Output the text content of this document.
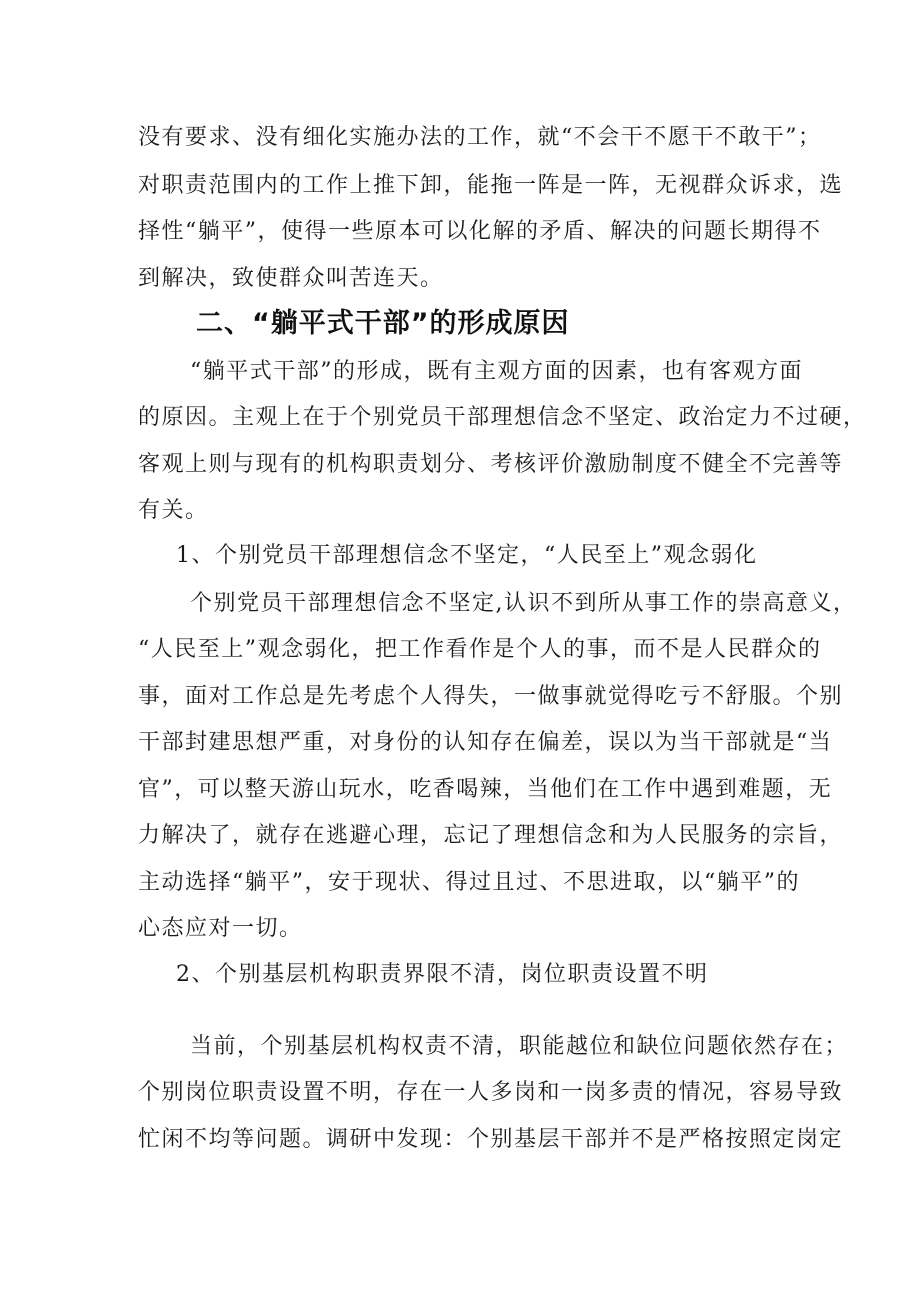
没有要求、没有细化实施办法的工作，就“不会干不愿干不敢干”；
对职责范围内的工作上推下卸，能拖一阵是一阵，无视群众诉求，选
择性“躺平”，使得一些原本可以化解的矛盾、解决的问题长期得不
到解决，致使群众叫苦连天。
二、“躺平式干部”的形成原因
“躺平式干部”的形成，既有主观方面的因素，也有客观方面
的原因。主观上在于个别党员干部理想信念不坚定、政治定力不过硬，
客观上则与现有的机构职责划分、考核评价激励制度不健全不完善等
有关。
1、个别党员干部理想信念不坚定，“人民至上”观念弱化
个别党员干部理想信念不坚定,认识不到所从事工作的崇高意义，
“人民至上”观念弱化，把工作看作是个人的事，而不是人民群众的
事，面对工作总是先考虑个人得失，一做事就觉得吃亏不舒服。个别
干部封建思想严重，对身份的认知存在偏差，误以为当干部就是“当
官”，可以整天游山玩水，吃香喝辣，当他们在工作中遇到难题，无
力解决了，就存在逃避心理，忘记了理想信念和为人民服务的宗旨，
主动选择“躺平”，安于现状、得过且过、不思进取，以“躺平”的
心态应对一切。
2、个别基层机构职责界限不清，岗位职责设置不明
当前，个别基层机构权责不清，职能越位和缺位问题依然存在；
个别岗位职责设置不明，存在一人多岗和一岗多责的情况，容易导致
忙闲不均等问题。调研中发现：个别基层干部并不是严格按照定岗定
